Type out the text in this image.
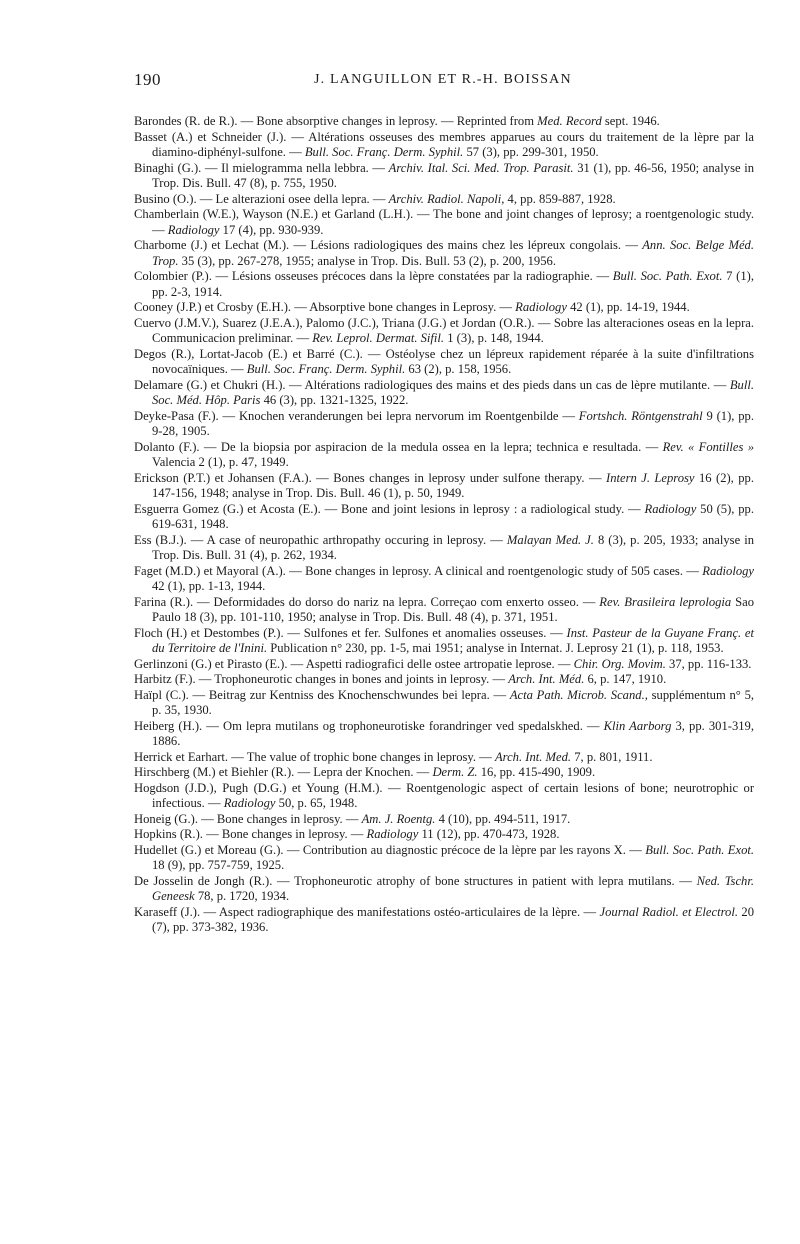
190	J. LANGUILLON ET R.-H. BOISSAN
Barondes (R. de R.). — Bone absorptive changes in leprosy. — Reprinted from Med. Record sept. 1946.
Basset (A.) et Schneider (J.). — Altérations osseuses des membres apparues au cours du traitement de la lèpre par la diamino-diphényl-sulfone. — Bull. Soc. Franç. Derm. Syphil. 57 (3), pp. 299-301, 1950.
Binaghi (G.). — Il mielogramma nella lebbra. — Archiv. Ital. Sci. Med. Trop. Parasit. 31 (1), pp. 46-56, 1950; analyse in Trop. Dis. Bull. 47 (8), p. 755, 1950.
Busino (O.). — Le alterazioni osee della lepra. — Archiv. Radiol. Napoli, 4, pp. 859-887, 1928.
Chamberlain (W.E.), Wayson (N.E.) et Garland (L.H.). — The bone and joint changes of leprosy; a roentgenologic study. — Radiology 17 (4), pp. 930-939.
Charbome (J.) et Lechat (M.). — Lésions radiologiques des mains chez les lépreux congolais. — Ann. Soc. Belge Méd. Trop. 35 (3), pp. 267-278, 1955; analyse in Trop. Dis. Bull. 53 (2), p. 200, 1956.
Colombier (P.). — Lésions osseuses précoces dans la lèpre constatées par la radiographie. — Bull. Soc. Path. Exot. 7 (1), pp. 2-3, 1914.
Cooney (J.P.) et Crosby (E.H.). — Absorptive bone changes in Leprosy. — Radiology 42 (1), pp. 14-19, 1944.
Cuervo (J.M.V.), Suarez (J.E.A.), Palomo (J.C.), Triana (J.G.) et Jordan (O.R.). — Sobre las alteraciones oseas en la lepra. Communicacion preliminar. — Rev. Leprol. Dermat. Sifil. 1 (3), p. 148, 1944.
Degos (R.), Lortat-Jacob (E.) et Barré (C.). — Ostéolyse chez un lépreux rapidement réparée à la suite d'infiltrations novocaïniques. — Bull. Soc. Franç. Derm. Syphil. 63 (2), p. 158, 1956.
Delamare (G.) et Chukri (H.). — Altérations radiologiques des mains et des pieds dans un cas de lèpre mutilante. — Bull. Soc. Méd. Hôp. Paris 46 (3), pp. 1321-1325, 1922.
Deyke-Pasa (F.). — Knochen veranderungen bei lepra nervorum im Roentgenbilde — Fortshch. Röntgenstrahl 9 (1), pp. 9-28, 1905.
Dolanto (F.). — De la biopsia por aspiracion de la medula ossea en la lepra; technica e resultada. — Rev. « Fontilles » Valencia 2 (1), p. 47, 1949.
Erickson (P.T.) et Johansen (F.A.). — Bones changes in leprosy under sulfone therapy. — Intern J. Leprosy 16 (2), pp. 147-156, 1948; analyse in Trop. Dis. Bull. 46 (1), p. 50, 1949.
Esguerra Gomez (G.) et Acosta (E.). — Bone and joint lesions in leprosy : a radiological study. — Radiology 50 (5), pp. 619-631, 1948.
Ess (B.J.). — A case of neuropathic arthropathy occuring in leprosy. — Malayan Med. J. 8 (3), p. 205, 1933; analyse in Trop. Dis. Bull. 31 (4), p. 262, 1934.
Faget (M.D.) et Mayoral (A.). — Bone changes in leprosy. A clinical and roentgenologic study of 505 cases. — Radiology 42 (1), pp. 1-13, 1944.
Farina (R.). — Deformidades do dorso do nariz na lepra. Correçao com enxerto osseo. — Rev. Brasileira leprologia Sao Paulo 18 (3), pp. 101-110, 1950; analyse in Trop. Dis. Bull. 48 (4), p. 371, 1951.
Floch (H.) et Destombes (P.). — Sulfones et fer. Sulfones et anomalies osseuses. — Inst. Pasteur de la Guyane Franç. et du Territoire de l'Inini. Publication n° 230, pp. 1-5, mai 1951; analyse in Internat. J. Leprosy 21 (1), p. 118, 1953.
Gerlinzoni (G.) et Pirasto (E.). — Aspetti radiografici delle ostee artropatie leprose. — Chir. Org. Movim. 37, pp. 116-133.
Harbitz (F.). — Trophoneurotic changes in bones and joints in leprosy. — Arch. Int. Méd. 6, p. 147, 1910.
Haïpl (C.). — Beitrag zur Kentniss des Knochenschwundes bei lepra. — Acta Path. Microb. Scand., supplémentum n° 5, p. 35, 1930.
Heiberg (H.). — Om lepra mutilans og trophoneurotiske forandringer ved spedalskhed. — Klin Aarborg 3, pp. 301-319, 1886.
Herrick et Earhart. — The value of trophic bone changes in leprosy. — Arch. Int. Med. 7, p. 801, 1911.
Hirschberg (M.) et Biehler (R.). — Lepra der Knochen. — Derm. Z. 16, pp. 415-490, 1909.
Hogdson (J.D.), Pugh (D.G.) et Young (H.M.). — Roentgenologic aspect of certain lesions of bone; neurotrophic or infectious. — Radiology 50, p. 65, 1948.
Honeig (G.). — Bone changes in leprosy. — Am. J. Roentg. 4 (10), pp. 494-511, 1917.
Hopkins (R.). — Bone changes in leprosy. — Radiology 11 (12), pp. 470-473, 1928.
Hudellet (G.) et Moreau (G.). — Contribution au diagnostic précoce de la lèpre par les rayons X. — Bull. Soc. Path. Exot. 18 (9), pp. 757-759, 1925.
De Josselin de Jongh (R.). — Trophoneurotic atrophy of bone structures in patient with lepra mutilans. — Ned. Tschr. Geneesk 78, p. 1720, 1934.
Karaseff (J.). — Aspect radiographique des manifestations ostéo-articulaires de la lèpre. — Journal Radiol. et Electrol. 20 (7), pp. 373-382, 1936.
